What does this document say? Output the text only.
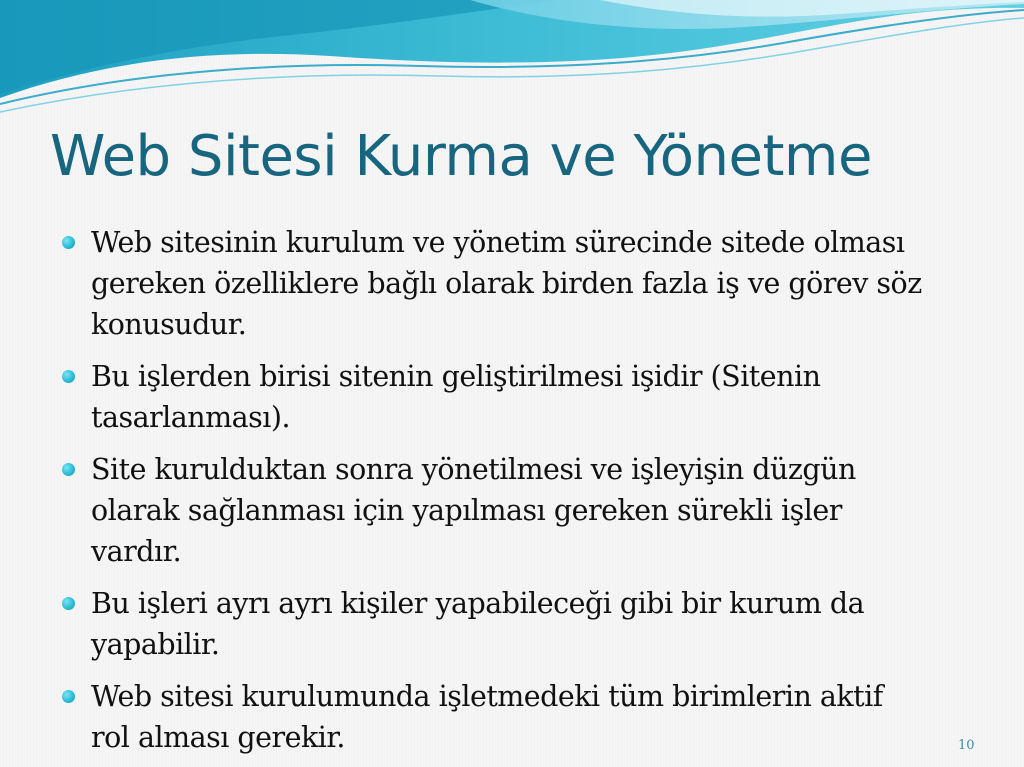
Web Sitesi Kurma ve Yönetme
Web sitesinin kurulum ve yönetim sürecinde sitede olması
gereken özelliklere bağlı olarak birden fazla iş ve görev söz
konusudur.
Bu işlerden birisi sitenin geliştirilmesi işidir (Sitenin
tasarlanması).
Site kurulduktan sonra yönetilmesi ve işleyişin düzgün
olarak sağlanması için yapılması gereken sürekli işler
vardır.
Bu işleri ayrı ayrı kişiler yapabileceği gibi bir kurum da
yapabilir.
Web sitesi kurulumunda işletmedeki tüm birimlerin aktif
rol alması gerekir.	10
